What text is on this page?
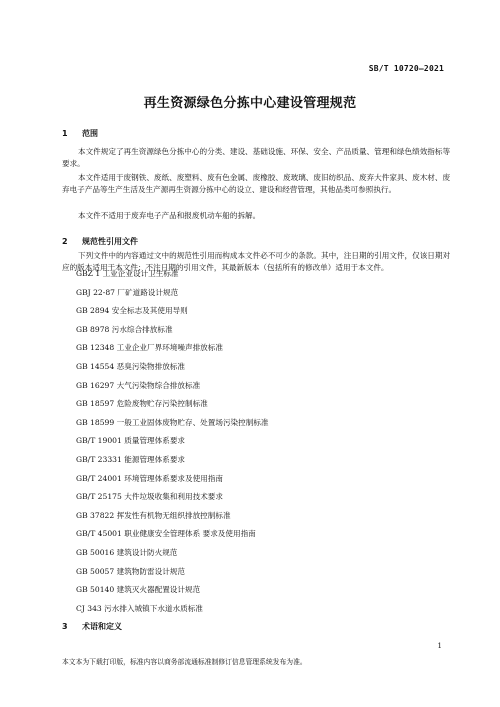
SB/T 10720—2021
再生资源绿色分拣中心建设管理规范
1 范围
本文件规定了再生资源绿色分拣中心的分类、建设、基础设施、环保、安全、产品质量、管理和绿色绩效指标等要求。
本文件适用于废钢铁、废纸、废塑料、废有色金属、废橡胶、废玻璃、废旧纺织品、废弃大件家具、废木材、废弃电子产品等生产生活及生产源再生资源分拣中心的设立、建设和经营管理，其他品类可参照执行。
本文件不适用于废弃电子产品和报废机动车船的拆解。
2 规范性引用文件
下列文件中的内容通过文中的规范性引用而构成本文件必不可少的条款。其中，注日期的引用文件，仅该日期对应的版本适用于本文件；不注日期的引用文件，其最新版本（包括所有的修改单）适用于本文件。
GBZ 1 工业企业设计卫生标准
GBJ 22-87 厂矿道路设计规范
GB 2894 安全标志及其使用导则
GB 8978 污水综合排放标准
GB 12348 工业企业厂界环境噪声排放标准
GB 14554 恶臭污染物排放标准
GB 16297 大气污染物综合排放标准
GB 18597 危险废物贮存污染控制标准
GB 18599 一般工业固体废物贮存、处置场污染控制标准
GB/T 19001 质量管理体系要求
GB/T 23331 能源管理体系要求
GB/T 24001 环境管理体系要求及使用指南
GB/T 25175 大件垃圾收集和利用技术要求
GB 37822 挥发性有机物无组织排放控制标准
GB/T 45001 职业健康安全管理体系 要求及使用指南
GB 50016 建筑设计防火规范
GB 50057 建筑物防雷设计规范
GB 50140 建筑灭火器配置设计规范
CJ 343 污水排入城镇下水道水质标准
3 术语和定义
1
本文本为下载打印版，标准内容以商务部流通标准制修订信息管理系统发布为准。
